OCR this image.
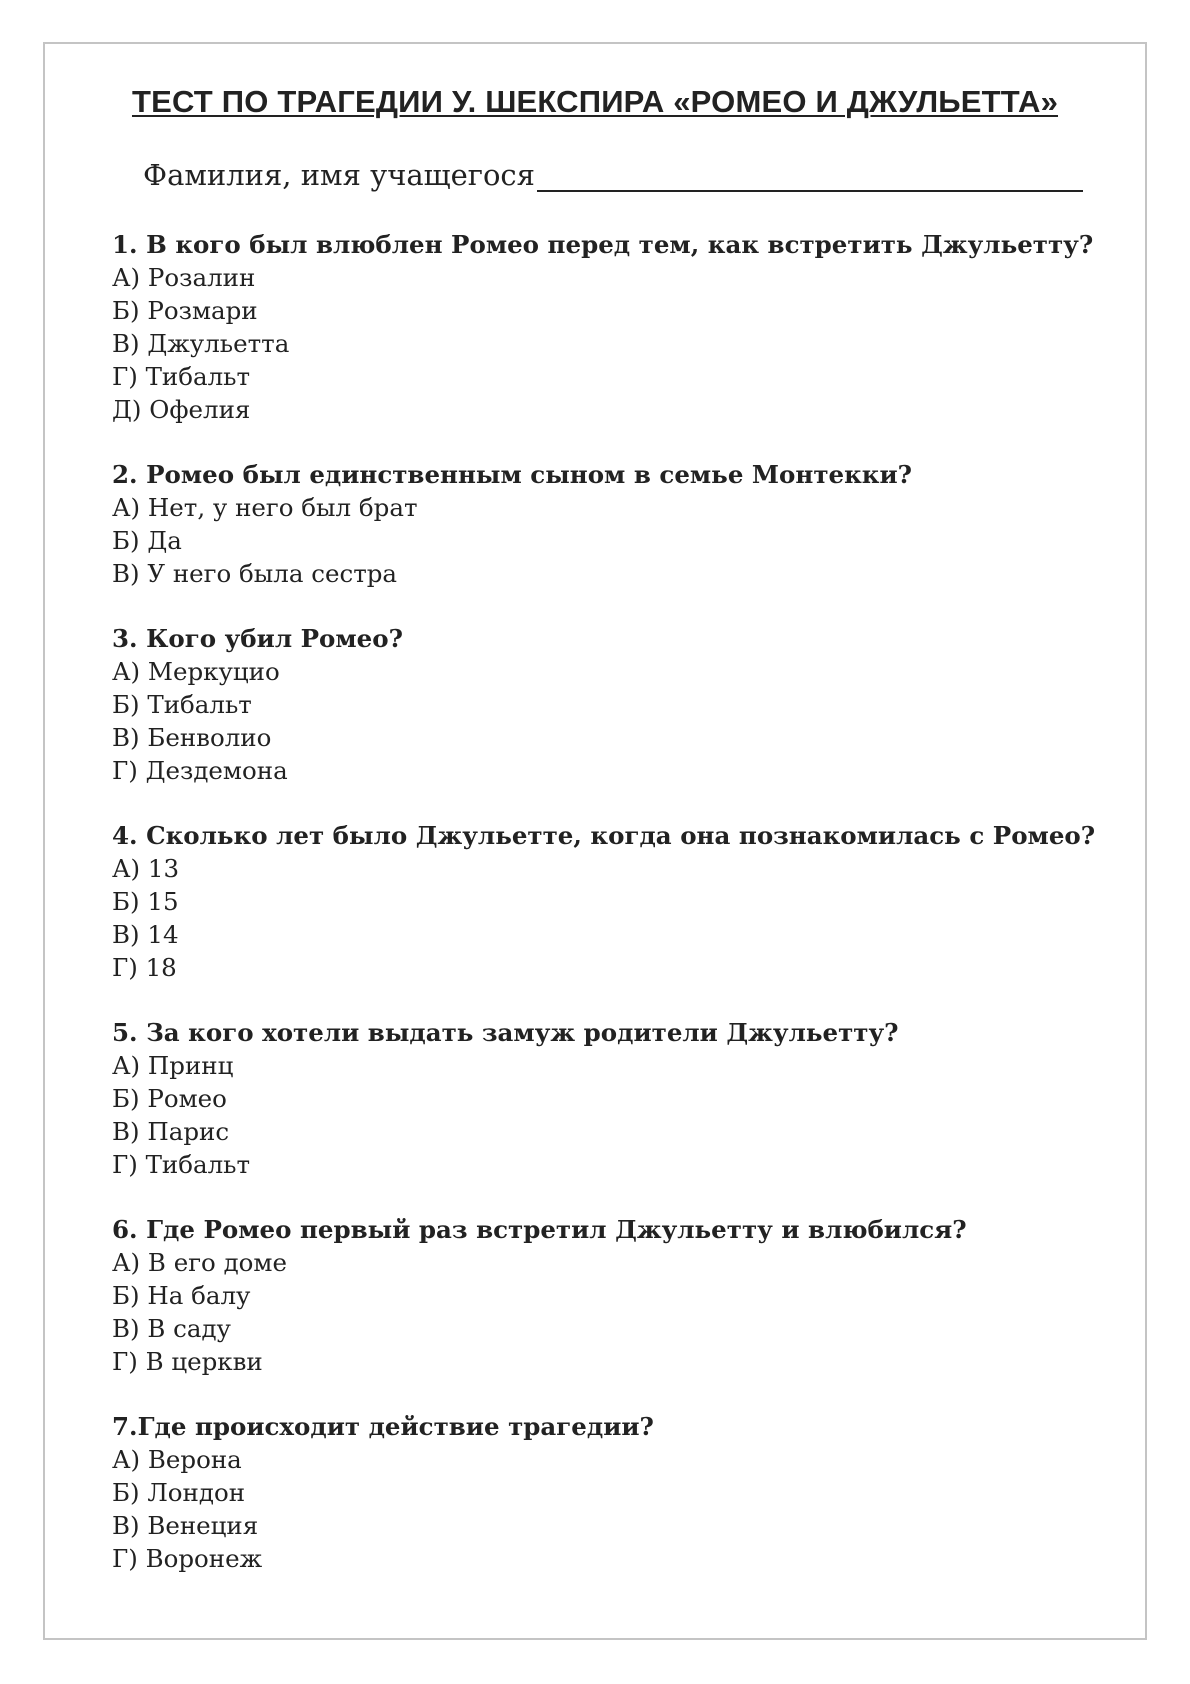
ТЕСТ ПО ТРАГЕДИИ У. ШЕКСПИРА «РОМЕО И ДЖУЛЬЕТТА»
Фамилия, имя учащегося

1. В кого был влюблен Ромео перед тем, как встретить Джульетту?

А) Розалин
Б) Розмари
В) Джульетта
Г) Тибальт
Д) Офелия

2. Ромео был единственным сыном в семье Монтекки?

А) Нет, у него был брат
Б) Да
В) У него была сестра

3. Кого убил Ромео?

А) Меркуцио
Б) Тибальт
В) Бенволио
Г) Дездемона

4. Сколько лет было Джульетте, когда она познакомилась с Ромео?

А) 13
Б) 15
В) 14
Г) 18

5. За кого хотели выдать замуж родители Джульетту?

А) Принц
Б) Ромео
В) Парис
Г) Тибальт

6. Где Ромео первый раз встретил Джульетту и влюбился?

А) В его доме
Б) На балу
В) В саду
Г) В церкви

7.Где происходит действие трагедии?

А) Верона
Б) Лондон
В) Венеция
Г) Воронеж
